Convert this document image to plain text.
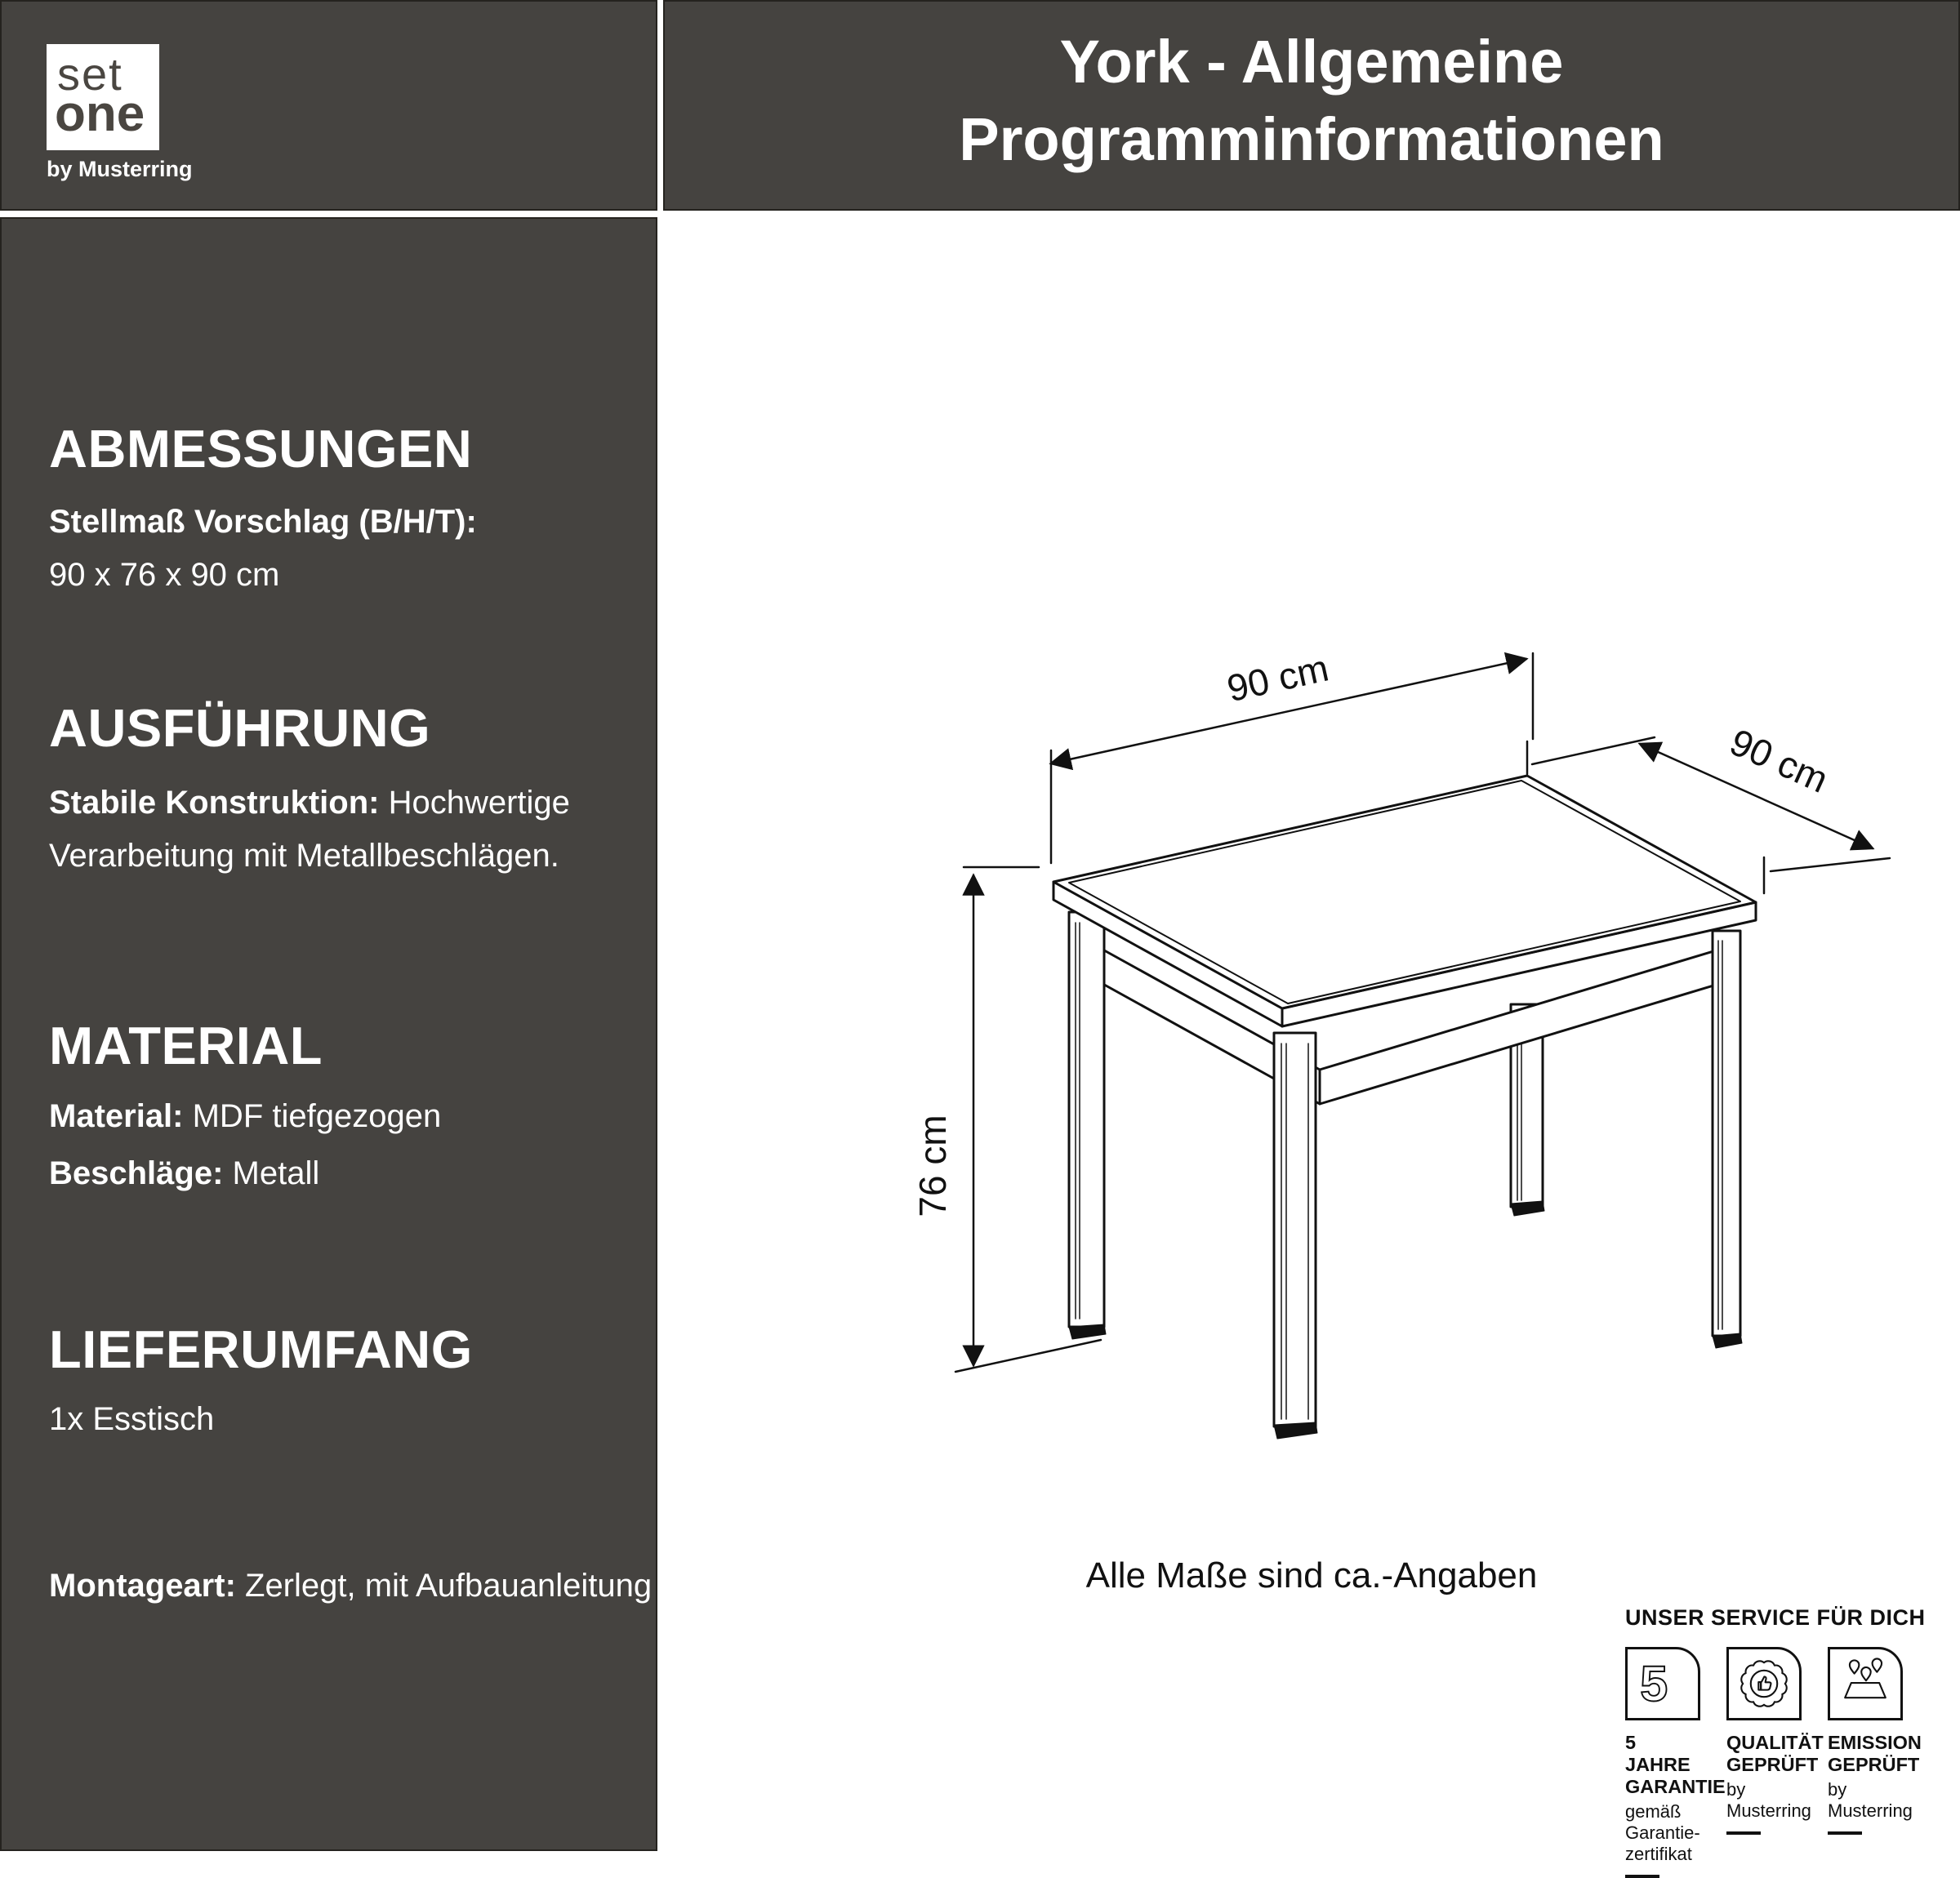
set
one
by Musterring
York - Allgemeine
Programminformationen
ABMESSUNGEN
Stellmaß Vorschlag (B/H/T):
90 x 76 x 90 cm
AUSFÜHRUNG
Stabile Konstruktion: Hochwertige
Verarbeitung mit Metallbeschlägen.
MATERIAL
Material: MDF tiefgezogen
Beschläge: Metall
LIEFERUMFANG
1x Esstisch
Montageart: Zerlegt, mit Aufbauanleitung
90 cm
90 cm
76 cm
Alle Maße sind ca.-Angaben
UNSER SERVICE FÜR DICH
5
5 JAHRE
GARANTIE
gemäß Garantie-
zertifikat
QUALITÄT
GEPRÜFT
by Musterring
EMISSION
GEPRÜFT
by Musterring
